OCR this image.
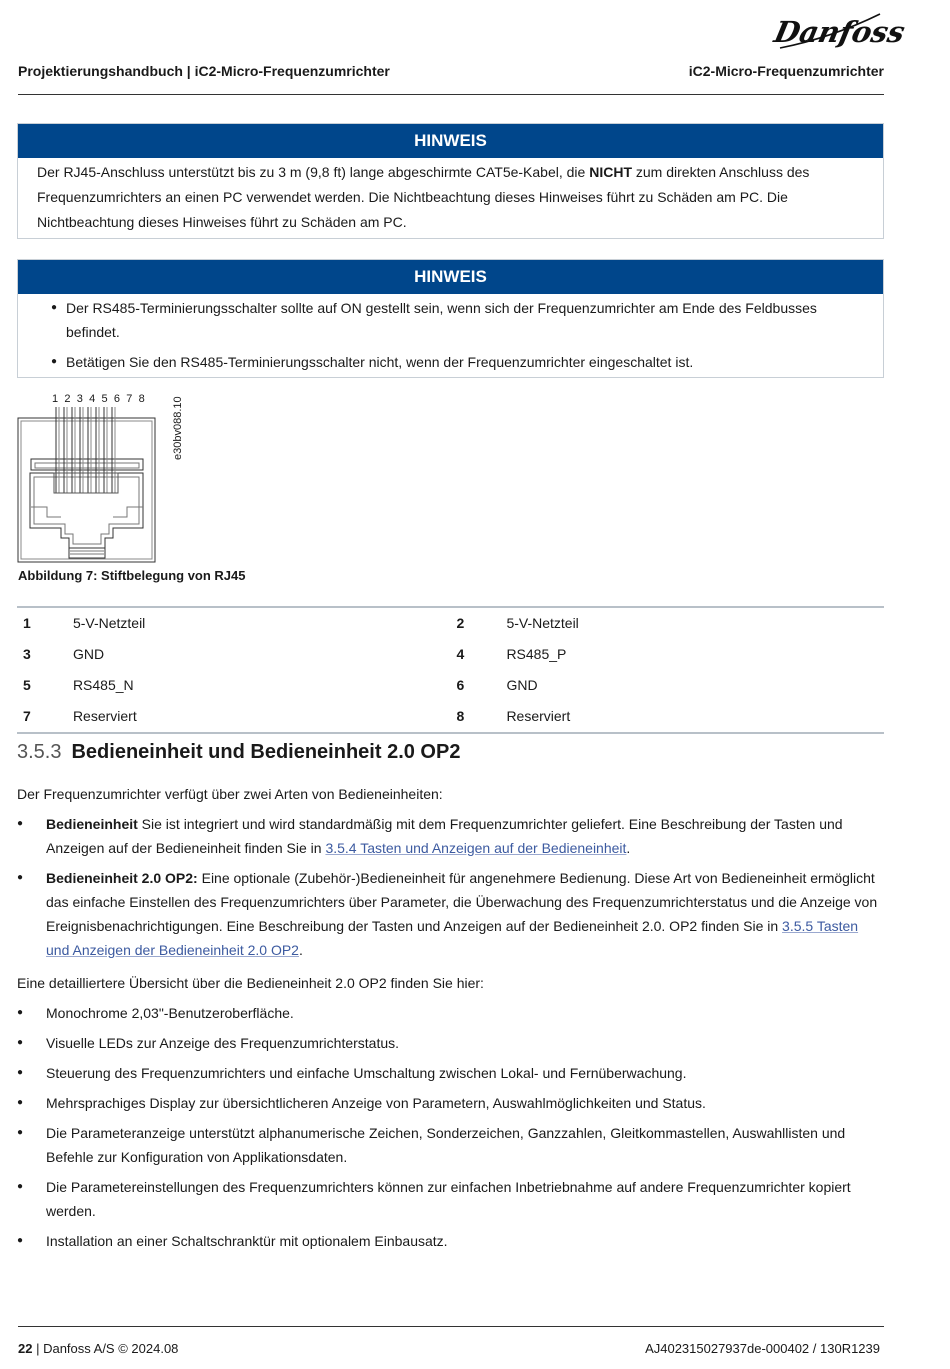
Danfoss
Projektierungshandbuch | iC2-Micro-Frequenzumrichter	iC2-Micro-Frequenzumrichter
HINWEIS
Der RJ45-Anschluss unterstützt bis zu 3 m (9,8 ft) lange abgeschirmte CAT5e-Kabel, die NICHT zum direkten Anschluss des Frequenzumrichters an einen PC verwendet werden. Die Nichtbeachtung dieses Hinweises führt zu Schäden am PC. Die Nichtbeachtung dieses Hinweises führt zu Schäden am PC.
HINWEIS
● Der RS485-Terminierungsschalter sollte auf ON gestellt sein, wenn sich der Frequenzumrichter am Ende des Feldbusses befindet.
● Betätigen Sie den RS485-Terminierungsschalter nicht, wenn der Frequenzumrichter eingeschaltet ist.
1 2 3 4 5 6 7 8 e30bv088.10
Abbildung 7: Stiftbelegung von RJ45
1	5-V-Netzteil	2	5-V-Netzteil
3	GND	4	RS485_P
5	RS485_N	6	GND
7	Reserviert	8	Reserviert
3.5.3 Bedieneinheit und Bedieneinheit 2.0 OP2
Der Frequenzumrichter verfügt über zwei Arten von Bedieneinheiten:
● Bedieneinheit Sie ist integriert und wird standardmäßig mit dem Frequenzumrichter geliefert. Eine Beschreibung der Tasten und Anzeigen auf der Bedieneinheit finden Sie in 3.5.4 Tasten und Anzeigen auf der Bedieneinheit.
● Bedieneinheit 2.0 OP2: Eine optionale (Zubehör-)Bedieneinheit für angenehmere Bedienung. Diese Art von Bedieneinheit ermöglicht das einfache Einstellen des Frequenzumrichters über Parameter, die Überwachung des Frequenzumrichterstatus und die Anzeige von Ereignisbenachrichtigungen. Eine Beschreibung der Tasten und Anzeigen auf der Bedieneinheit 2.0. OP2 finden Sie in 3.5.5 Tasten und Anzeigen der Bedieneinheit 2.0 OP2.
Eine detailliertere Übersicht über die Bedieneinheit 2.0 OP2 finden Sie hier:
● Monochrome 2,03"-Benutzeroberfläche.
● Visuelle LEDs zur Anzeige des Frequenzumrichterstatus.
● Steuerung des Frequenzumrichters und einfache Umschaltung zwischen Lokal- und Fernüberwachung.
● Mehrsprachiges Display zur übersichtlicheren Anzeige von Parametern, Auswahlmöglichkeiten und Status.
● Die Parameteranzeige unterstützt alphanumerische Zeichen, Sonderzeichen, Ganzzahlen, Gleitkommastellen, Auswahllisten und Befehle zur Konfiguration von Applikationsdaten.
● Die Parametereinstellungen des Frequenzumrichters können zur einfachen Inbetriebnahme auf andere Frequenzumrichter kopiert werden.
● Installation an einer Schaltschranktür mit optionalem Einbausatz.
22 | Danfoss A/S © 2024.08	AJ402315027937de-000402 / 130R1239
